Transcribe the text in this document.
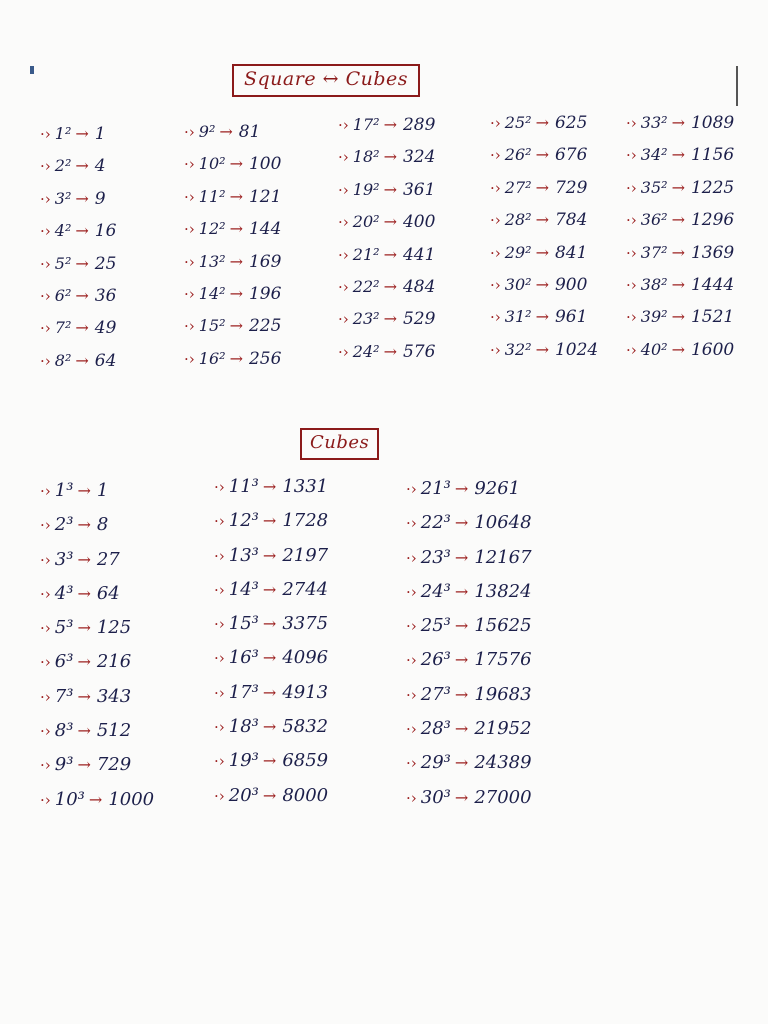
Square ↔ Cubes
·› 1² → 1
·› 2² → 4
·› 3² → 9
·› 4² → 16
·› 5² → 25
·› 6² → 36
·› 7² → 49
·› 8² → 64
·› 9² → 81
·› 10² → 100
·› 11² → 121
·› 12² → 144
·› 13² → 169
·› 14² → 196
·› 15² → 225
·› 16² → 256
·› 17² → 289
·› 18² → 324
·› 19² → 361
·› 20² → 400
·› 21² → 441
·› 22² → 484
·› 23² → 529
·› 24² → 576
·› 25² → 625
·› 26² → 676
·› 27² → 729
·› 28² → 784
·› 29² → 841
·› 30² → 900
·› 31² → 961
·› 32² → 1024
·› 33² → 1089
·› 34² → 1156
·› 35² → 1225
·› 36² → 1296
·› 37² → 1369
·› 38² → 1444
·› 39² → 1521
·› 40² → 1600
Cubes
·› 1³ → 1
·› 2³ → 8
·› 3³ → 27
·› 4³ → 64
·› 5³ → 125
·› 6³ → 216
·› 7³ → 343
·› 8³ → 512
·› 9³ → 729
·› 10³ → 1000
·› 11³ → 1331
·› 12³ → 1728
·› 13³ → 2197
·› 14³ → 2744
·› 15³ → 3375
·› 16³ → 4096
·› 17³ → 4913
·› 18³ → 5832
·› 19³ → 6859
·› 20³ → 8000
·› 21³ → 9261
·› 22³ → 10648
·› 23³ → 12167
·› 24³ → 13824
·› 25³ → 15625
·› 26³ → 17576
·› 27³ → 19683
·› 28³ → 21952
·› 29³ → 24389
·› 30³ → 27000
